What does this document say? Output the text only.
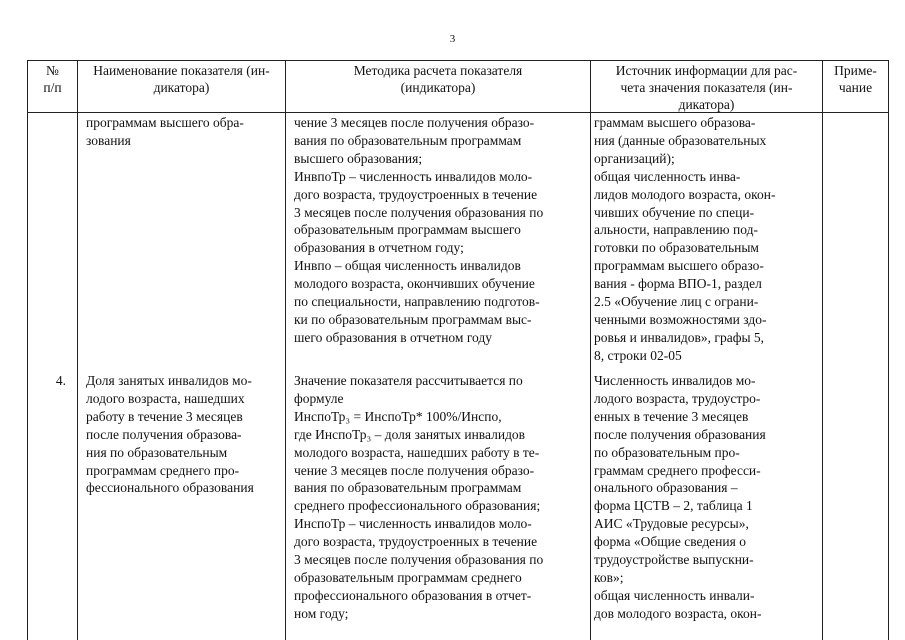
3
№
п/п
Наименование показателя (ин-
дикатора)
Методика расчета показателя
(индикатора)
Источник информации для рас-
чета значения показателя (ин-
дикатора)
Приме-
чание
программам высшего обра-
зования
чение 3 месяцев после получения образо-
вания по образовательным программам
высшего образования;
ИнвпоТр – численность инвалидов моло-
дого возраста, трудоустроенных в течение
3 месяцев после получения образования по
образовательным программам высшего
образования в отчетном году;
Инвпо – общая численность инвалидов
молодого возраста, окончивших обучение
по специальности, направлению подготов-
ки по образовательным программам выс-
шего образования в отчетном году
граммам высшего образова-
ния (данные образовательных
организаций);
общая численность инва-
лидов молодого возраста, окон-
чивших обучение по специ-
альности, направлению под-
готовки по образовательным
программам высшего образо-
вания - форма ВПО-1, раздел
2.5 «Обучение лиц с ограни-
ченными возможностями здо-
ровья и инвалидов», графы 5,
8, строки 02-05
4. Доля занятых инвалидов мо-
лодого возраста, нашедших
работу в течение 3 месяцев
после получения образова-
ния по образовательным
программам среднего про-
фессионального образования
Значение показателя рассчитывается по
формуле
ИнспоТр₃ = ИнспоТр* 100%/Инспо,
где ИнспоТр₃ – доля занятых инвалидов
молодого возраста, нашедших работу в те-
чение 3 месяцев после получения образо-
вания по образовательным программам
среднего профессионального образования;
ИнспоТр – численность инвалидов моло-
дого возраста, трудоустроенных в течение
3 месяцев после получения образования по
образовательным программам среднего
профессионального образования в отчет-
ном году;
Численность инвалидов мо-
лодого возраста, трудоустро-
енных в течение 3 месяцев
после получения образования
по образовательным про-
граммам среднего професси-
онального образования –
форма ЦСТВ – 2, таблица 1
АИС «Трудовые ресурсы»,
форма «Общие сведения о
трудоустройстве выпускни-
ков»;
общая численность инвали-
дов молодого возраста, окон-
